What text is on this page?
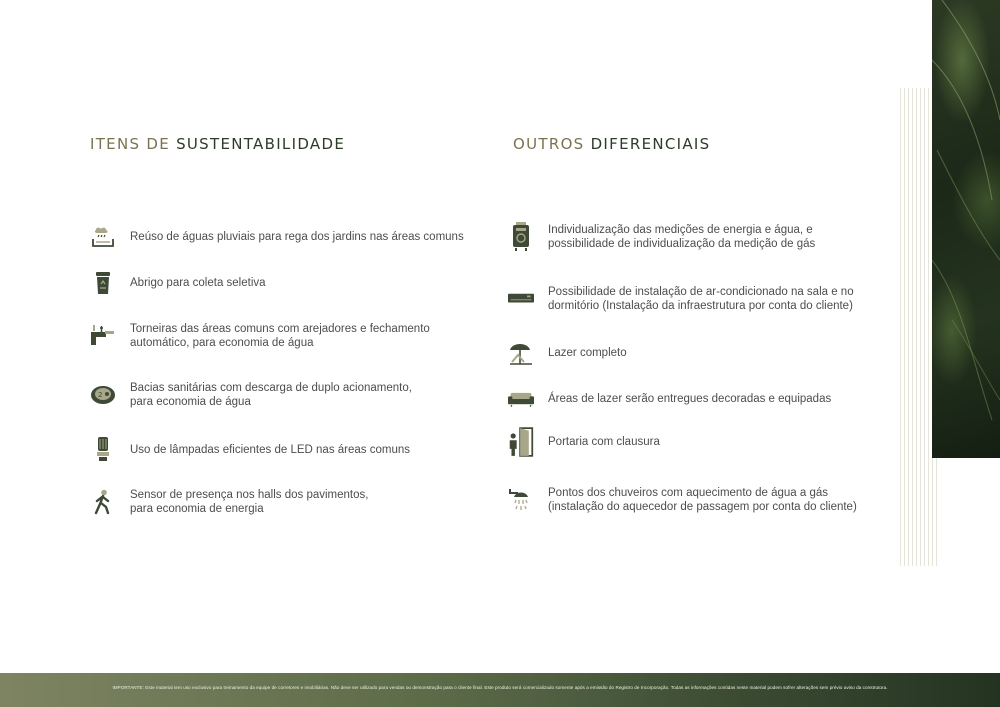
ITENS DE SUSTENTABILIDADE	OUTROS DIFERENCIAIS
Reúso de águas pluviais para rega dos jardins nas áreas comuns
Abrigo para coleta seletiva
Torneiras das áreas comuns com arejadores e fechamento
automático, para economia de água
2
Bacias sanitárias com descarga de duplo acionamento,
para economia de água
Uso de lâmpadas eficientes de LED nas áreas comuns
Sensor de presença nos halls dos pavimentos,
para economia de energia
Individualização das medições de energia e água, e
possibilidade de individualização da medição de gás
Possibilidade de instalação de ar-condicionado na sala e no
dormitório (Instalação da infraestrutura por conta do cliente)
Lazer completo
Áreas de lazer serão entregues decoradas e equipadas
Portaria com clausura
Pontos dos chuveiros com aquecimento de água a gás
(instalação do aquecedor de passagem por conta do cliente)
IMPORTANTE: Este material tem uso exclusivo para treinamento da equipe de corretores e imobiliárias. Não deve ser utilizado para vendas ou demonstração para o cliente final. Este produto será comercializado somente após a emissão do Registro de Incorporação. Todas as informações contidas neste material podem sofrer alterações sem prévio aviso da construtora.
